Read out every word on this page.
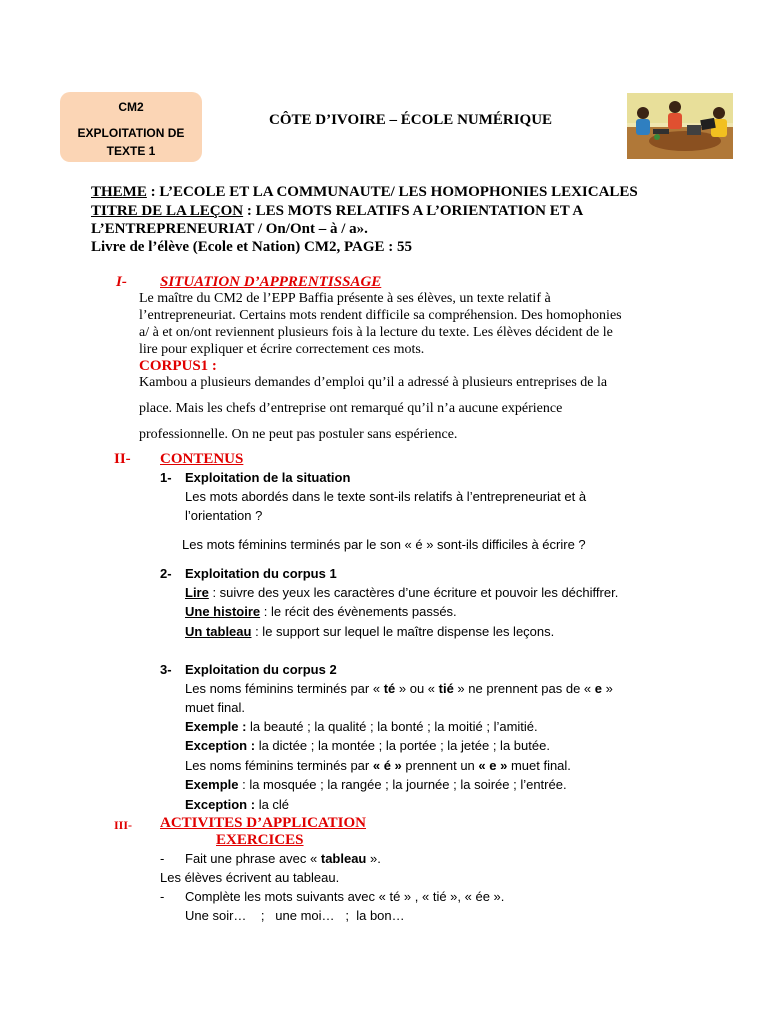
CM2
EXPLOITATION DE
TEXTE 1
CÔTE D’IVOIRE – ÉCOLE NUMÉRIQUE
THEME : L’ECOLE ET LA COMMUNAUTE/ LES HOMOPHONIES LEXICALES
TITRE DE LA LEÇON : LES MOTS RELATIFS A L’ORIENTATION ET A
L’ENTREPRENEURIAT / On/Ont – à / a».
Livre de l’élève (Ecole et Nation) CM2, PAGE : 55
I- SITUATION D’APPRENTISSAGE
Le maître du CM2 de l’EPP Baffia présente à ses élèves, un texte relatif à
l’entrepreneuriat. Certains mots rendent difficile sa compréhension. Des homophonies
a/ à et on/ont reviennent plusieurs fois à la lecture du texte. Les élèves décident de le
lire pour expliquer et écrire correctement ces mots.
CORPUS1 :
Kambou a plusieurs demandes d’emploi qu’il a adressé à plusieurs entreprises de la
place. Mais les chefs d’entreprise ont remarqué qu’il n’a aucune expérience
professionnelle. On ne peut pas postuler sans espérience.
II- CONTENUS
1- Exploitation de la situation
Les mots abordés dans le texte sont-ils relatifs à l’entrepreneuriat et à
l’orientation ?
Les mots féminins terminés par le son « é » sont-ils difficiles à écrire ?
2- Exploitation du corpus 1
Lire : suivre des yeux les caractères d’une écriture et pouvoir les déchiffrer.
Une histoire : le récit des évènements passés.
Un tableau : le support sur lequel le maître dispense les leçons.
3- Exploitation du corpus 2
Les noms féminins terminés par « té » ou « tié » ne prennent pas de « e »
muet final.
Exemple : la beauté ; la qualité ; la bonté ; la moitié ; l’amitié.
Exception : la dictée ; la montée ; la portée ; la jetée ; la butée.
Les noms féminins terminés par « é » prennent un « e » muet final.
Exemple : la mosquée ; la rangée ; la journée ; la soirée ; l’entrée.
Exception : la clé
III- ACTIVITES D’APPLICATION
EXERCICES
- Fait une phrase avec « tableau ».
Les élèves écrivent au tableau.
- Complète les mots suivants avec « té » , « tié », « ée ».
Une soir…    ;   une moi…   ;  la bon…
